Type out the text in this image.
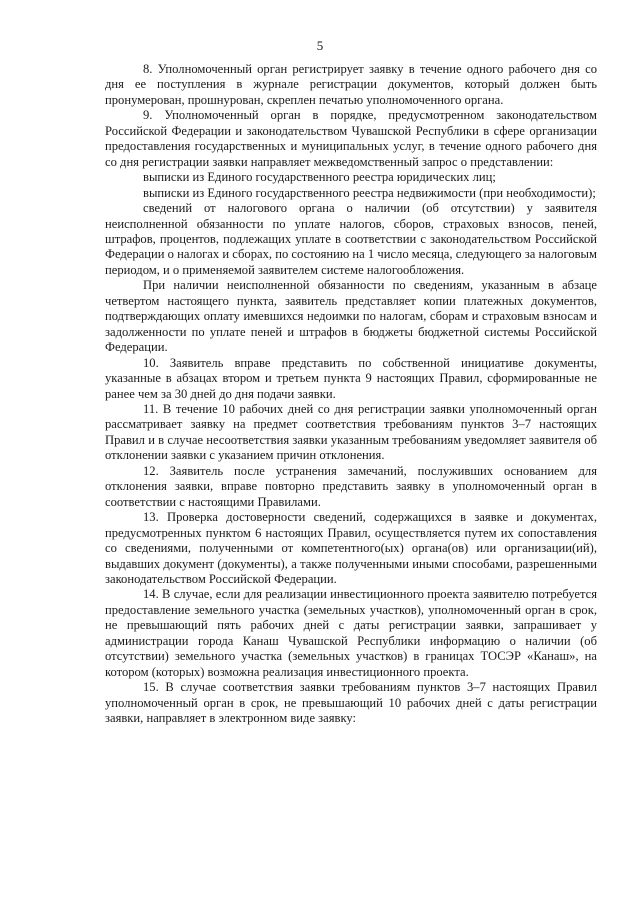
5

8. Уполномоченный орган регистрирует заявку в течение одного рабочего дня со дня ее поступления в журнале регистрации документов, который должен быть пронумерован, прошнурован, скреплен печатью уполномоченного органа.

9. Уполномоченный орган в порядке, предусмотренном законодательством Российской Федерации и законодательством Чувашской Республики в сфере организации предоставления государственных и муниципальных услуг, в течение одного рабочего дня со дня регистрации заявки направляет межведомственный запрос о представлении:

выписки из Единого государственного реестра юридических лиц;

выписки из Единого государственного реестра недвижимости (при необходимости);

сведений от налогового органа о наличии (об отсутствии) у заявителя неисполненной обязанности по уплате налогов, сборов, страховых взносов, пеней, штрафов, процентов, подлежащих уплате в соответствии с законодательством Российской Федерации о налогах и сборах, по состоянию на 1 число месяца, следующего за налоговым периодом, и о применяемой заявителем системе налогообложения.

При наличии неисполненной обязанности по сведениям, указанным в абзаце четвертом настоящего пункта, заявитель представляет копии платежных документов, подтверждающих оплату имевшихся недоимки по налогам, сборам и страховым взносам и задолженности по уплате пеней и штрафов в бюджеты бюджетной системы Российской Федерации.

10. Заявитель вправе представить по собственной инициативе документы, указанные в абзацах втором и третьем пункта 9 настоящих Правил, сформированные не ранее чем за 30 дней до дня подачи заявки.

11. В течение 10 рабочих дней со дня регистрации заявки уполномоченный орган рассматривает заявку на предмет соответствия требованиям пунктов 3–7 настоящих Правил и в случае несоответствия заявки указанным требованиям уведомляет заявителя об отклонении заявки с указанием причин отклонения.

12. Заявитель после устранения замечаний, послуживших основанием для отклонения заявки, вправе повторно представить заявку в уполномоченный орган в соответствии с настоящими Правилами.

13. Проверка достоверности сведений, содержащихся в заявке и документах, предусмотренных пунктом 6 настоящих Правил, осуществляется путем их сопоставления со сведениями, полученными от компетентного(ых) органа(ов) или организации(ий), выдавших документ (документы), а также полученными иными способами, разрешенными законодательством Российской Федерации.

14. В случае, если для реализации инвестиционного проекта заявителю потребуется предоставление земельного участка (земельных участков), уполномоченный орган в срок, не превышающий пять рабочих дней с даты регистрации заявки, запрашивает у администрации города Канаш Чувашской Республики информацию о наличии (об отсутствии) земельного участка (земельных участков) в границах ТОСЭР «Канаш», на котором (которых) возможна реализация инвестиционного проекта.

15. В случае соответствия заявки требованиям пунктов 3–7 настоящих Правил уполномоченный орган в срок, не превышающий 10 рабочих дней с даты регистрации заявки, направляет в электронном виде заявку:
